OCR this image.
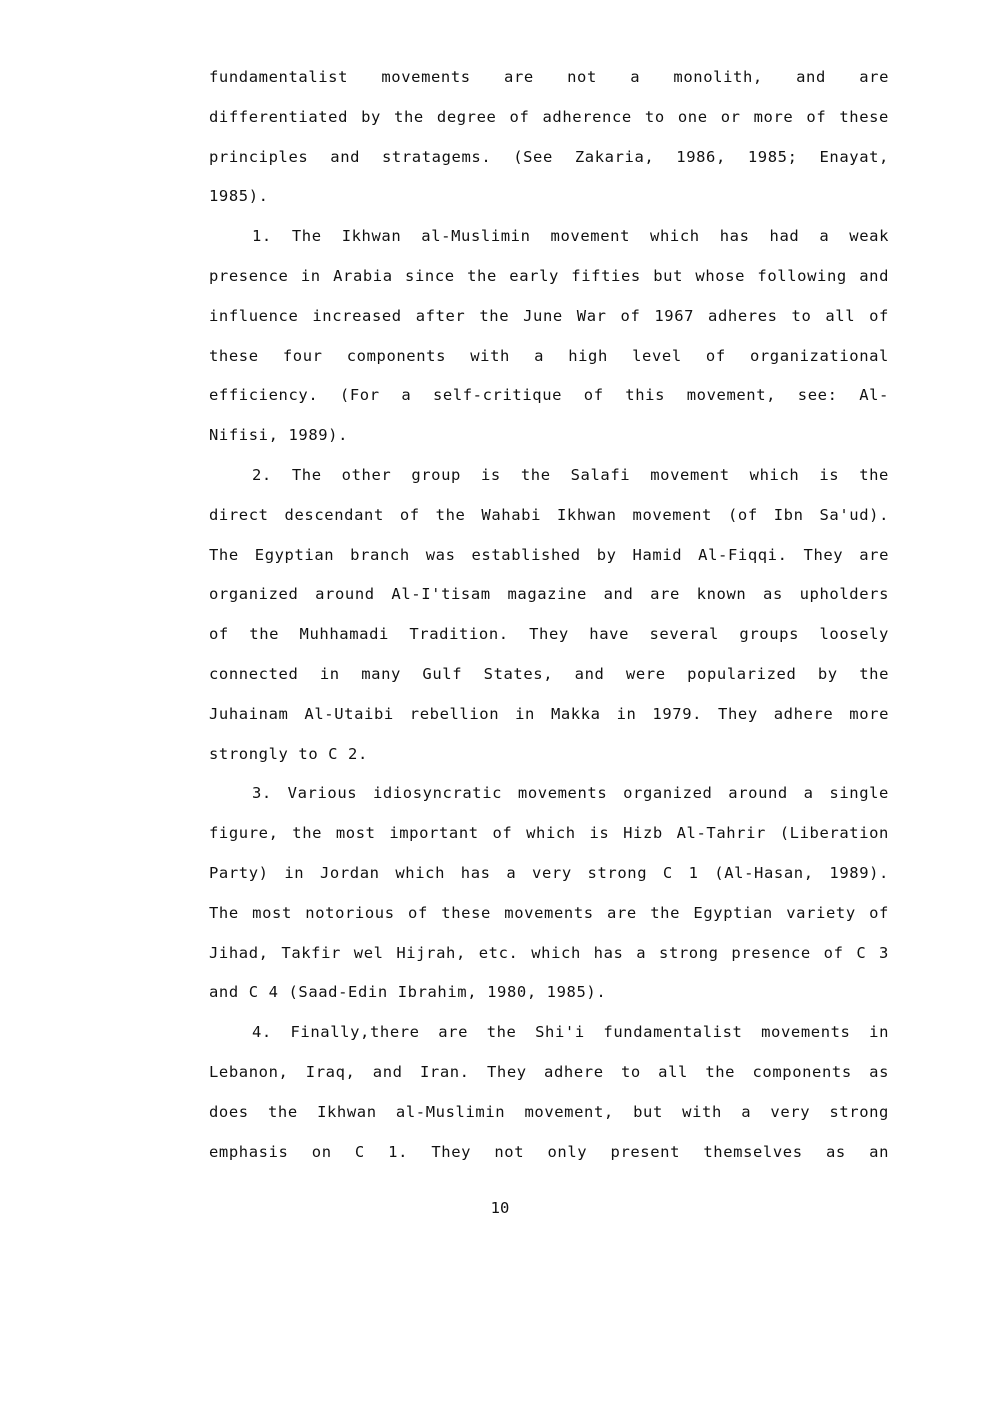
fundamentalist movements are not a monolith, and are
differentiated by the degree of adherence to one or more of these
principles and stratagems. (See Zakaria, 1986, 1985; Enayat,
1985).
1. The Ikhwan al-Muslimin movement which has had a weak
presence in Arabia since the early fifties but whose following and
influence increased after the June War of 1967 adheres to all of
these four components with a high level of organizational
efficiency. (For a self-critique of this movement, see: Al-
Nifisi, 1989).
2. The other group is the Salafi movement which is the
direct descendant of the Wahabi Ikhwan movement (of Ibn Sa'ud).
The Egyptian branch was established by Hamid Al-Fiqqi. They are
organized around Al-I'tisam magazine and are known as upholders
of the Muhhamadi Tradition. They have several groups loosely
connected in many Gulf States, and were popularized by the
Juhainam Al-Utaibi rebellion in Makka in 1979. They adhere more
strongly to C 2.
3. Various idiosyncratic movements organized around a single
figure, the most important of which is Hizb Al-Tahrir (Liberation
Party) in Jordan which has a very strong C 1 (Al-Hasan, 1989).
The most notorious of these movements are the Egyptian variety of
Jihad, Takfir wel Hijrah, etc. which has a strong presence of C 3
and C 4 (Saad-Edin Ibrahim, 1980, 1985).
4. Finally,there are the Shi'i fundamentalist movements in
Lebanon, Iraq, and Iran. They adhere to all the components as
does the Ikhwan al-Muslimin movement, but with a very strong
emphasis on C 1. They not only present themselves as an
10
